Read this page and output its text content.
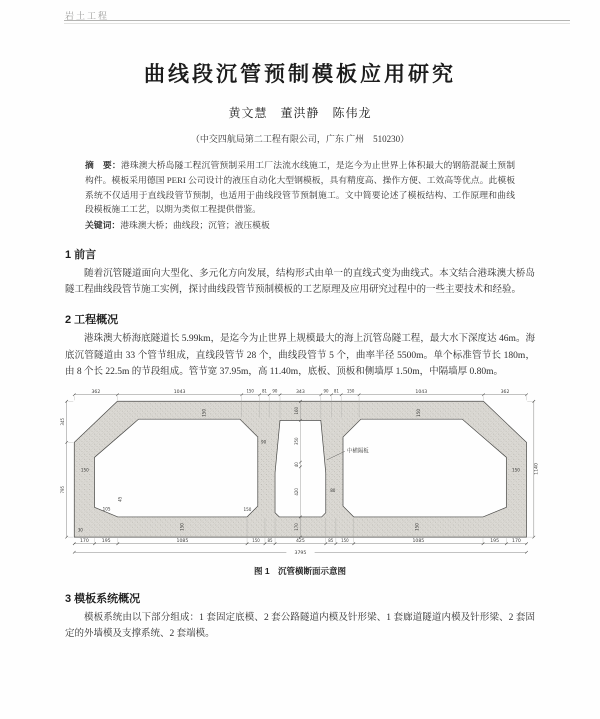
岩土工程
曲线段沉管预制模板应用研究
黄文慧　董洪静　陈伟龙
（中交四航局第二工程有限公司，广东 广州　510230）
摘　要：港珠澳大桥岛隧工程沉管预制采用工厂法流水线施工，是迄今为止世界上体积最大的钢筋混凝土预制构件。模板采用德国 PERI 公司设计的液压自动化大型钢模板，具有精度高、操作方便、工效高等优点。此模板系统不仅适用于直线段管节预制，也适用于曲线段管节预制施工。文中简要论述了模板结构、工作原理和曲线段模板施工工艺，以期为类似工程提供借鉴。
关键词：港珠澳大桥；曲线段；沉管；液压模板
1 前言
随着沉管隧道面向大型化、多元化方向发展，结构形式由单一的直线式变为曲线式。本文结合港珠澳大桥岛隧工程曲线段管节施工实例，探讨曲线段管节预制模板的工艺原理及应用研究过程中的一些主要技术和经验。
2 工程概况
港珠澳大桥海底隧道长 5.99km，是迄今为止世界上规模最大的海上沉管岛隧工程，最大水下深度达 46m。海底沉管隧道由 33 个管节组成，直线段管节 28 个，曲线段管节 5 个，曲率半径 5500m。单个标准管节长 180m，由 8 个长 22.5m 的节段组成。管节宽 37.95m，高 11.40m，底板、顶板和侧墙厚 1.50m，中隔墙厚 0.80m。
362	1043	150 81 90	343	90 81 150	1043	362
170	195	1085	150 85	425	85 150	1085	195	170
3795
1140
345
795
160
350
40
420
170
150	150
150	150
90
80
105
45
150
150	150
30
中横隔板
图 1　沉管横断面示意图
3 模板系统概况
模板系统由以下部分组成：1 套固定底模、2 套公路隧道内模及针形梁、1 套廊道隧道内模及针形梁、2 套固定的外墙模及支撑系统、2 套端模。
